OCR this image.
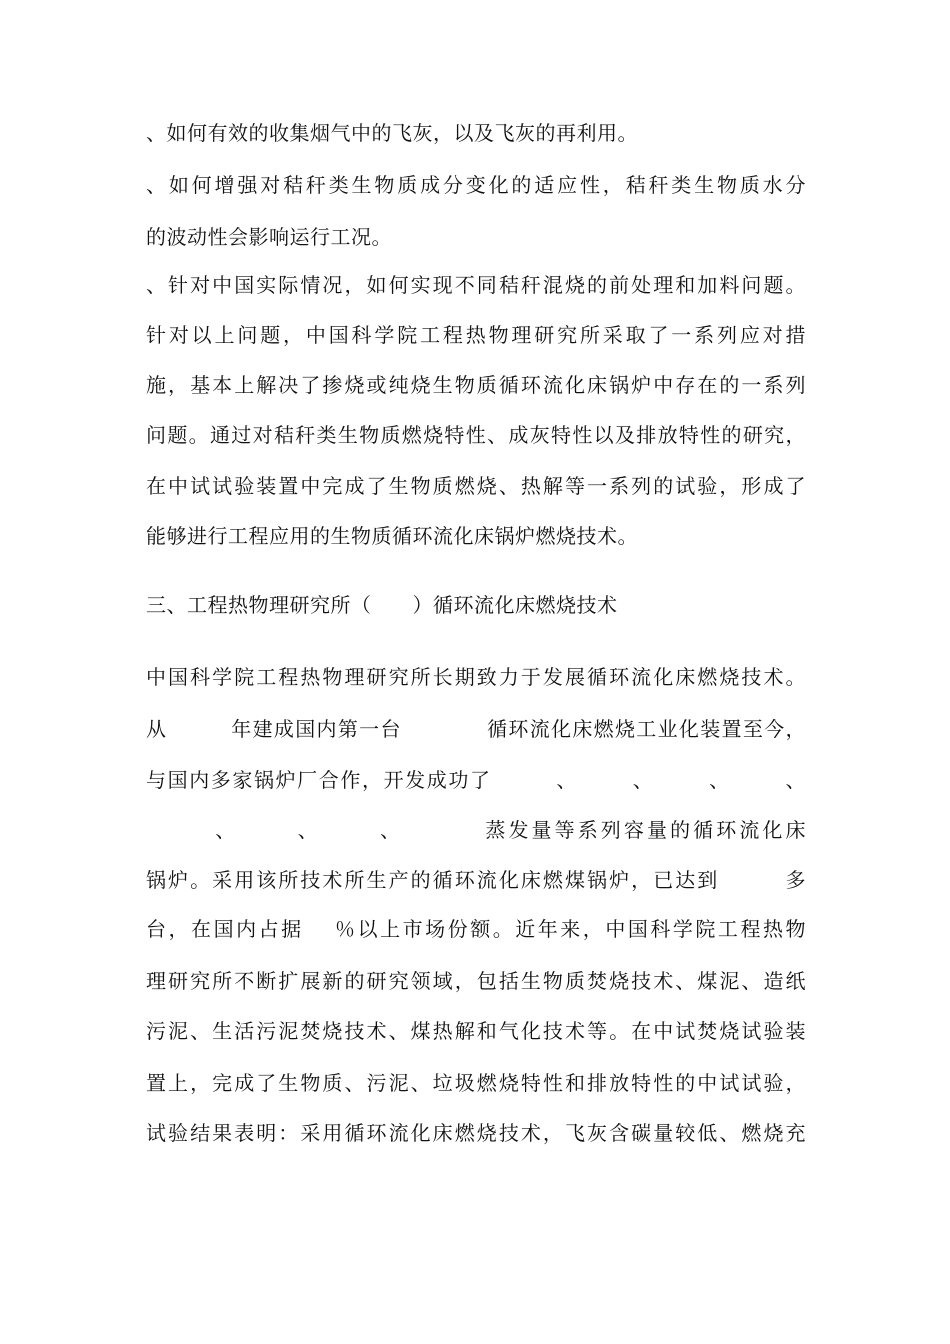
、如何有效的收集烟气中的飞灰，以及飞灰的再利用。
、如何增强对秸秆类生物质成分变化的适应性，秸秆类生物质水分
的波动性会影响运行工况。
、针对中国实际情况，如何实现不同秸秆混烧的前处理和加料问题。
针对以上问题，中国科学院工程热物理研究所采取了一系列应对措
施，基本上解决了掺烧或纯烧生物质循环流化床锅炉中存在的一系列
问题。通过对秸秆类生物质燃烧特性、成灰特性以及排放特性的研究，
在中试试验装置中完成了生物质燃烧、热解等一系列的试验，形成了
能够进行工程应用的生物质循环流化床锅炉燃烧技术。
三、工程热物理研究所（　　）循环流化床燃烧技术
中国科学院工程热物理研究所长期致力于发展循环流化床燃烧技术。
从　　　年建成国内第一台　　　　循环流化床燃烧工业化装置至今，
与国内多家锅炉厂合作，开发成功了　　　、　　　、　　　、　　　、
　　　、　　　、　　　、　　　　蒸发量等系列容量的循环流化床
锅炉。采用该所技术所生产的循环流化床燃煤锅炉，已达到　　　多
台，在国内占据　 ％以上市场份额。近年来，中国科学院工程热物
理研究所不断扩展新的研究领域，包括生物质焚烧技术、煤泥、造纸
污泥、生活污泥焚烧技术、煤热解和气化技术等。在中试焚烧试验装
置上，完成了生物质、污泥、垃圾燃烧特性和排放特性的中试试验，
试验结果表明：采用循环流化床燃烧技术，飞灰含碳量较低、燃烧充
